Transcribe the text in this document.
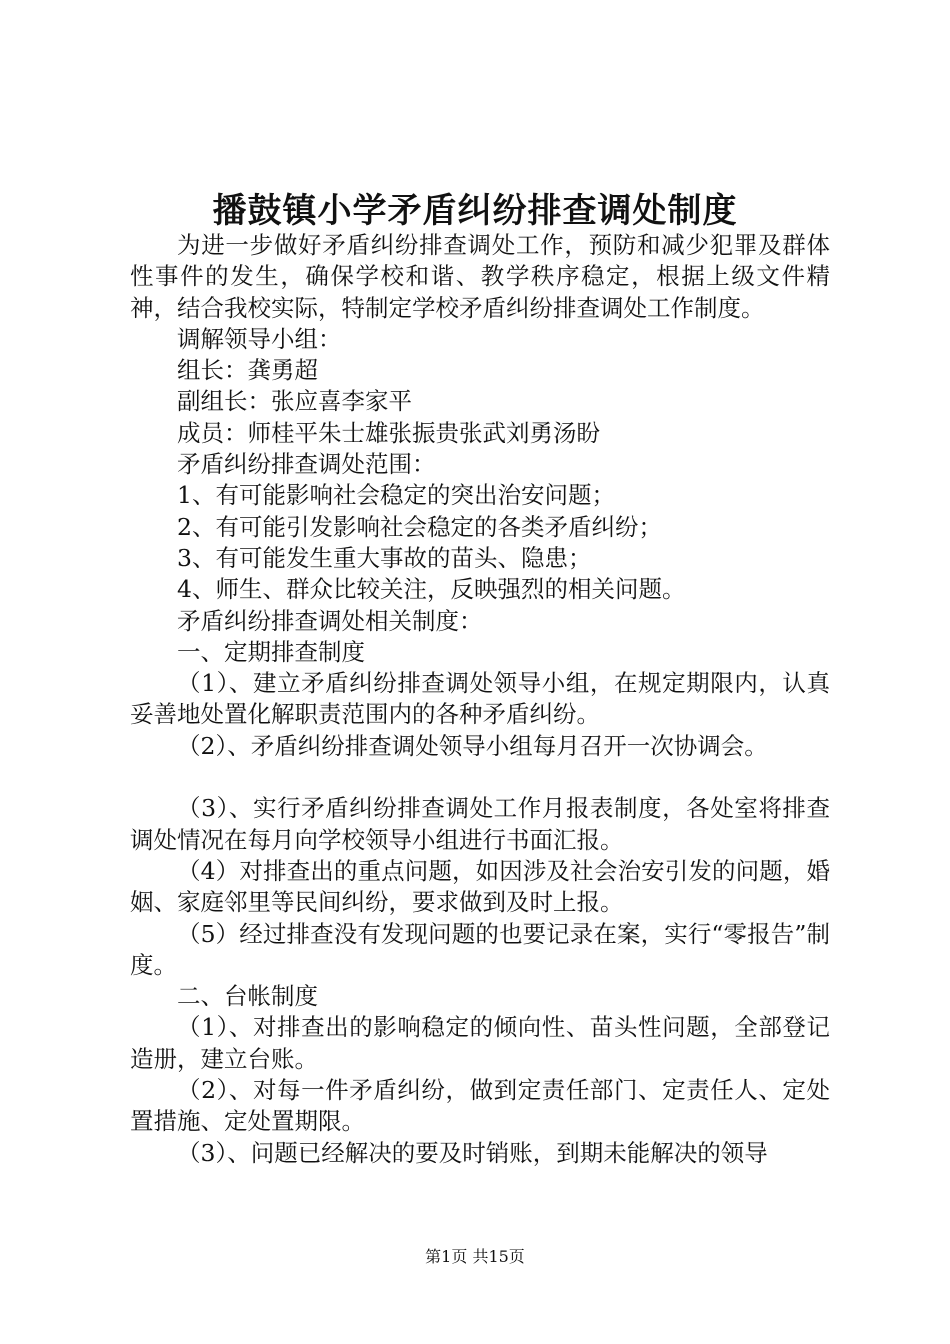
播鼓镇小学矛盾纠纷排查调处制度

为进一步做好矛盾纠纷排查调处工作，预防和减少犯罪及群体性事件的发生，确保学校和谐、教学秩序稳定，根据上级文件精神，结合我校实际，特制定学校矛盾纠纷排查调处工作制度。

调解领导小组：

组长：龚勇超

副组长：张应喜李家平

成员：师桂平朱士雄张振贵张武刘勇汤盼

矛盾纠纷排查调处范围：

1、有可能影响社会稳定的突出治安问题；

2、有可能引发影响社会稳定的各类矛盾纠纷；

3、有可能发生重大事故的苗头、隐患；

4、师生、群众比较关注，反映强烈的相关问题。

矛盾纠纷排查调处相关制度：

一、定期排查制度

（1）、建立矛盾纠纷排查调处领导小组，在规定期限内，认真妥善地处置化解职责范围内的各种矛盾纠纷。

（2）、矛盾纠纷排查调处领导小组每月召开一次协调会。

（3）、实行矛盾纠纷排查调处工作月报表制度，各处室将排查调处情况在每月向学校领导小组进行书面汇报。

（4）对排查出的重点问题，如因涉及社会治安引发的问题，婚姻、家庭邻里等民间纠纷，要求做到及时上报。

（5）经过排查没有发现问题的也要记录在案，实行“零报告”制度。

二、台帐制度

（1）、对排查出的影响稳定的倾向性、苗头性问题，全部登记造册，建立台账。

（2）、对每一件矛盾纠纷，做到定责任部门、定责任人、定处置措施、定处置期限。

（3）、问题已经解决的要及时销账，到期未能解决的领导

第1页 共15页
